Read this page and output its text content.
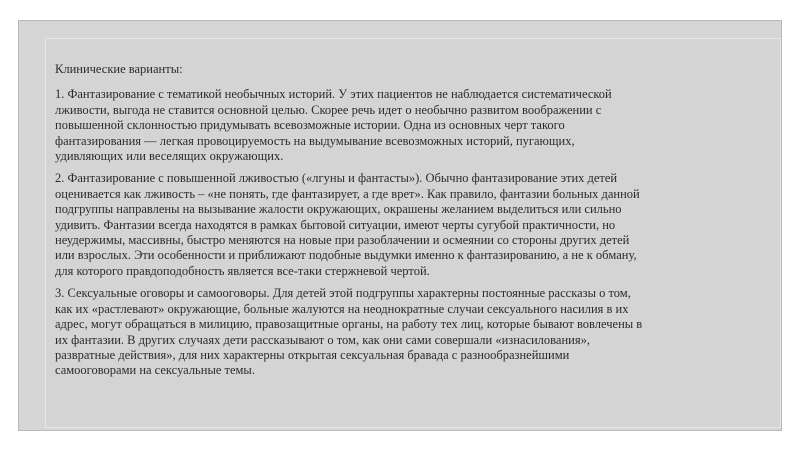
Клинические варианты:

1. Фантазирование с тематикой необычных историй. У этих пациентов не наблюдается систематической

лживости, выгода не ставится основной целью. Скорее речь идет о необычно развитом воображении с

повышенной склонностью придумывать всевозможные истории. Одна из основных черт такого

фантазирования — легкая провоцируемость на выдумывание всевозможных историй, пугающих,

удивляющих или веселящих окружающих.

2. Фантазирование с повышенной лживостью («лгуны и фантасты»). Обычно фантазирование этих детей

оценивается как лживость – «не понять, где фантазирует, а где врет». Как правило, фантазии больных данной

подгруппы направлены на вызывание жалости окружающих, окрашены желанием выделиться или сильно

удивить. Фантазии всегда находятся в рамках бытовой ситуации, имеют черты сугубой практичности, но

неудержимы, массивны, быстро меняются на новые при разоблачении и осмеянии со стороны других детей

или взрослых. Эти особенности и приближают подобные выдумки именно к фантазированию, а не к обману,

для которого правдоподобность является все-таки стержневой чертой.

3. Сексуальные оговоры и самооговоры. Для детей этой подгруппы характерны постоянные рассказы о том,

как их «растлевают» окружающие, больные жалуются на неоднократные случаи сексуального насилия в их

адрес, могут обращаться в милицию, правозащитные органы, на работу тех лиц, которые бывают вовлечены в

их фантазии. В других случаях дети рассказывают о том, как они сами совершали «изнасилования»,

развратные действия», для них характерны открытая сексуальная бравада с разнообразнейшими

самооговорами на сексуальные темы.
